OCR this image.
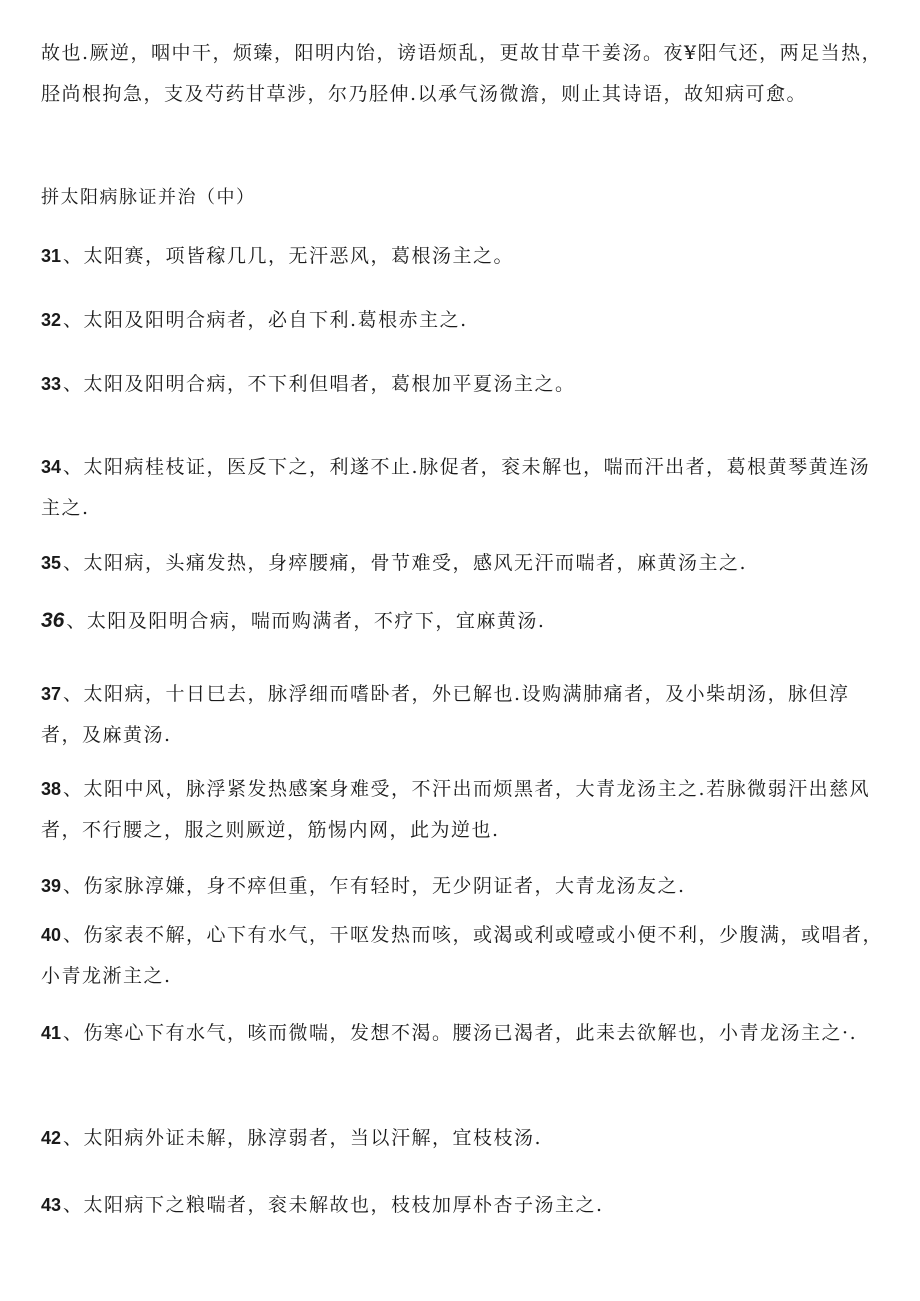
故也.厥逆，咽中干，烦臻，阳明内饴，谤语烦乱，更故甘草干姜汤。夜¥阳气还，两足当热，胫尚根拘急，支及芍药甘草涉，尔乃胫伸.以承气汤微澹，则止其诗语，故知病可愈。
拼太阳病脉证并治（中）
31 、太阳赛，项皆稼几几，无汗恶风，葛根汤主之。
32 、太阳及阳明合病者，必自下利.葛根赤主之.
33 、太阳及阳明合病，不下利但唱者，葛根加平夏汤主之。
34 、太阳病桂枝证，医反下之，利遂不止.脉促者，衮未解也，喘而汗出者，葛根黄琴黄连汤主之.
35 、太阳病，头痛发热，身瘁腰痛，骨节难受，感风无汗而喘者，麻黄汤主之.
36 、太阳及阳明合病，喘而购满者，不疗下，宜麻黄汤.
37 、太阳病，十日巳去，脉浮细而嗜卧者，外已解也.设购满肺痛者，及小柴胡汤，脉但淳者，及麻黄汤.
38 、太阳中风，脉浮紧发热感案身难受，不汗出而烦黑者，大青龙汤主之.若脉微弱汗出慈风者，不行腰之，服之则厥逆，筋惕内网，此为逆也.
39 、伤家脉淳嫌，身不瘁但重，乍有轻时，无少阴证者，大青龙汤友之.
40 、伤家表不解，心下有水气，干呕发热而咳，或渴或利或噎或小便不利，少腹满，或唱者，小青龙淅主之.
41 、伤寒心下有水气，咳而微喘，发想不渴。腰汤已渴者，此耒去欲解也，小青龙汤主之·.
42 、太阳病外证未解，脉淳弱者，当以汗解，宜枝枝汤.
43 、太阳病下之粮喘者，衮未解故也，枝枝加厚朴杏子汤主之.
